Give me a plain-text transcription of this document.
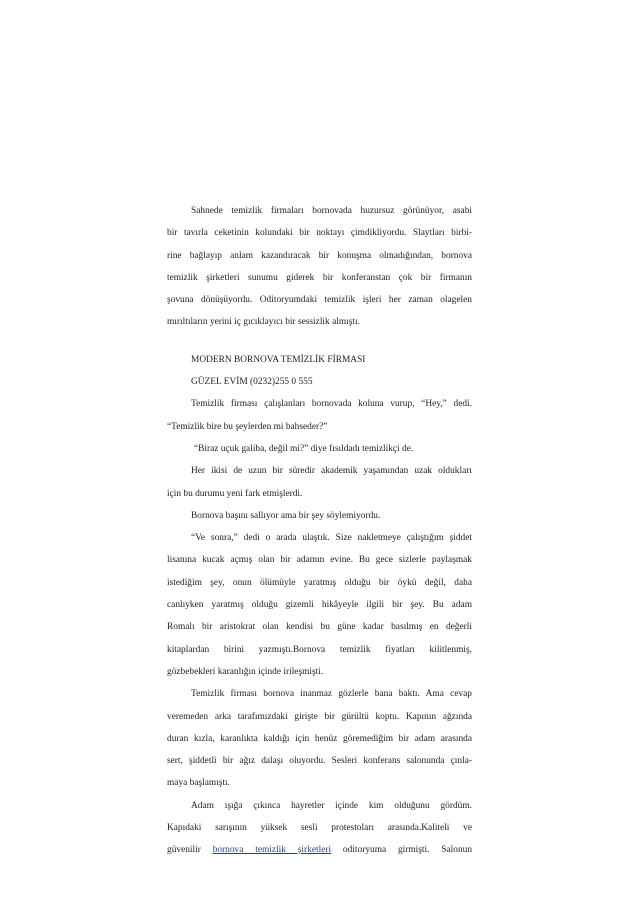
Sahnede temizlik firmaları bornovada huzursuz görünüyor, asabi
bir tavırla ceketinin kolundaki bir noktayı çimdikliyordu. Slaytları birbi-
rine bağlayıp anlam kazandıracak bir konuşma olmadığından, bornova
temizlik şirketleri sunumu giderek bir konferanstan çok bir firmanın
şovuna dönüşüyordu. Oditoryumdaki temizlik işleri her zaman olagelen
mırıltıların yerini iç gıcıklayıcı bir sessizlik almıştı.
MODERN BORNOVA TEMİZLİK FİRMASI
GÜZEL EVİM (0232)255 0 555
Temizlik firması çalışlanları bornovada koluna vurup, “Hey,” dedi.
“Temizlik bire bu şeylerden mi bahseder?”
“Biraz uçuk galiba, değil mi?” diye fısıldadı temizlikçi de.
Her ikisi de uzun bir süredir akademik yaşamından uzak oldukları
için bu durumu yeni fark etmişlerdi.
Bornova başını sallıyor ama bir şey söylemiyordu.
“Ve sonra,” dedi o arada ulaştık. Size nakletmeye çalıştığım şiddet
lisanına kucak açmış olan bir adamın evine. Bu gece sizlerle paylaşmak
istediğim şey, onun ölümüyle yaratmış olduğu bir öykü değil, daha
canlıyken yaratmış olduğu gizemli hikâyeyle ilgili bir şey. Bu adam
Romalı bir aristokrat olan kendisi bu güne kadar basılmış en değerli
kitaplardan birini yazmıştı.Bornova temizlik fiyatları kilitlenmiş,
gözbebekleri karanlığın içinde irileşmişti.
Temizlik firması bornova inanmaz gözlerle bana baktı. Ama cevap
veremeden arka tarafımızdaki girişte bir gürültü koptu. Kapının ağzında
duran kızla, karanlıkta kaldığı için henüz göremediğim bir adam arasında
sert, şiddetli bir ağız dalaşı oluyordu. Sesleri konferans salonunda çınla-
maya başlamıştı.
Adam ışığa çıkınca hayretler içinde kim olduğunu gördüm.
Kapıdaki sarışının yüksek sesli protestoları arasında.Kaliteli ve
güvenilir bornova temizlik şirketleri oditoryuma girmişti. Salonun
